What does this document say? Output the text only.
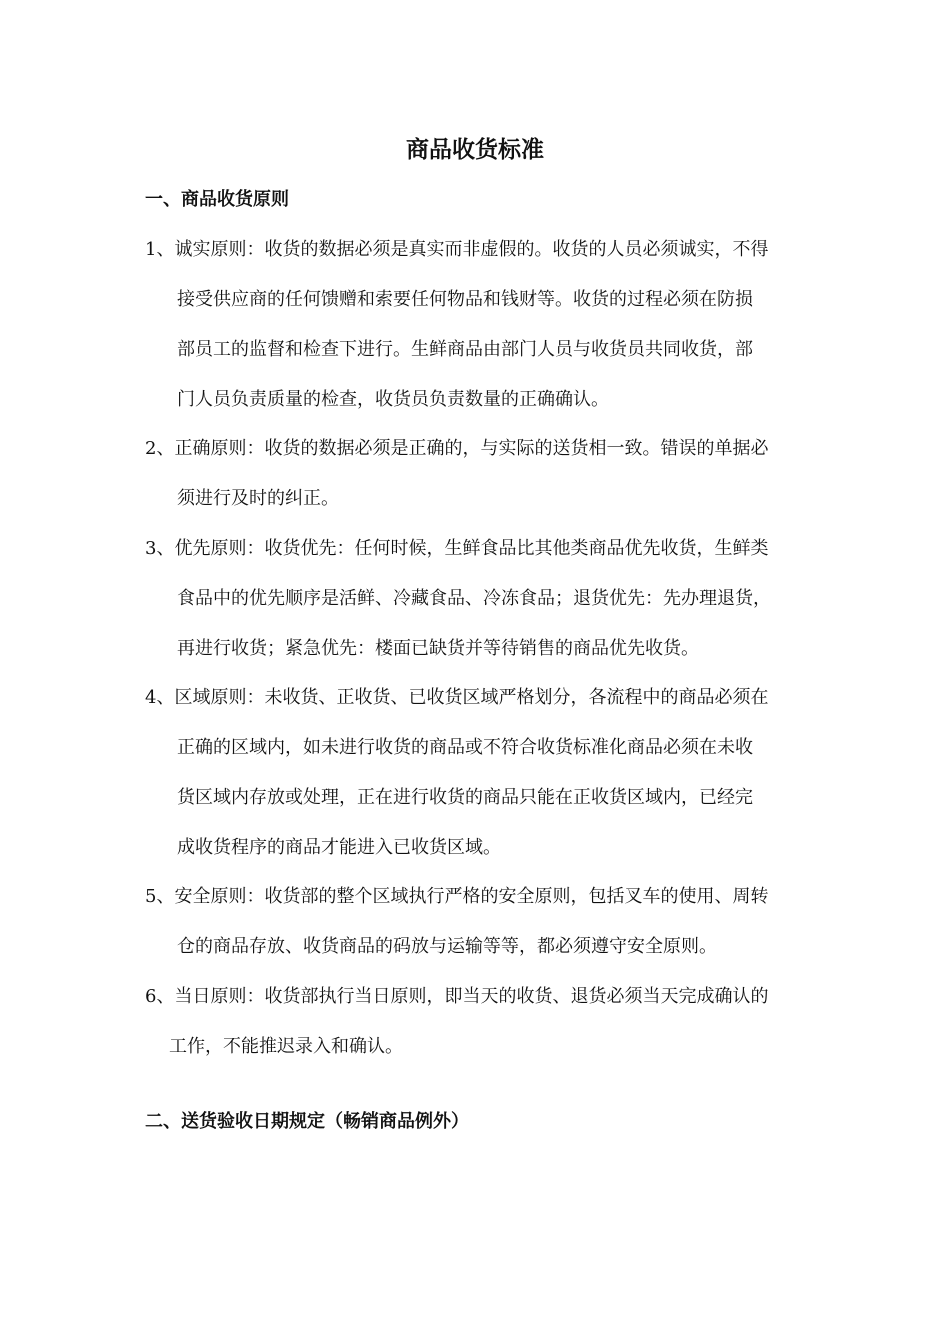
商品收货标准
一、商品收货原则
1、诚实原则：收货的数据必须是真实而非虚假的。收货的人员必须诚实，不得
接受供应商的任何馈赠和索要任何物品和钱财等。收货的过程必须在防损
部员工的监督和检查下进行。生鲜商品由部门人员与收货员共同收货，部
门人员负责质量的检查，收货员负责数量的正确确认。
2、正确原则：收货的数据必须是正确的，与实际的送货相一致。错误的单据必
须进行及时的纠正。
3、优先原则：收货优先：任何时候，生鲜食品比其他类商品优先收货，生鲜类
食品中的优先顺序是活鲜、冷藏食品、冷冻食品；退货优先：先办理退货，
再进行收货；紧急优先：楼面已缺货并等待销售的商品优先收货。
4、区域原则：未收货、正收货、已收货区域严格划分，各流程中的商品必须在
正确的区域内，如未进行收货的商品或不符合收货标准化商品必须在未收
货区域内存放或处理，正在进行收货的商品只能在正收货区域内，已经完
成收货程序的商品才能进入已收货区域。
5、安全原则：收货部的整个区域执行严格的安全原则，包括叉车的使用、周转
仓的商品存放、收货商品的码放与运输等等，都必须遵守安全原则。
6、当日原则：收货部执行当日原则，即当天的收货、退货必须当天完成确认的
工作，不能推迟录入和确认。
二、送货验收日期规定（畅销商品例外）
